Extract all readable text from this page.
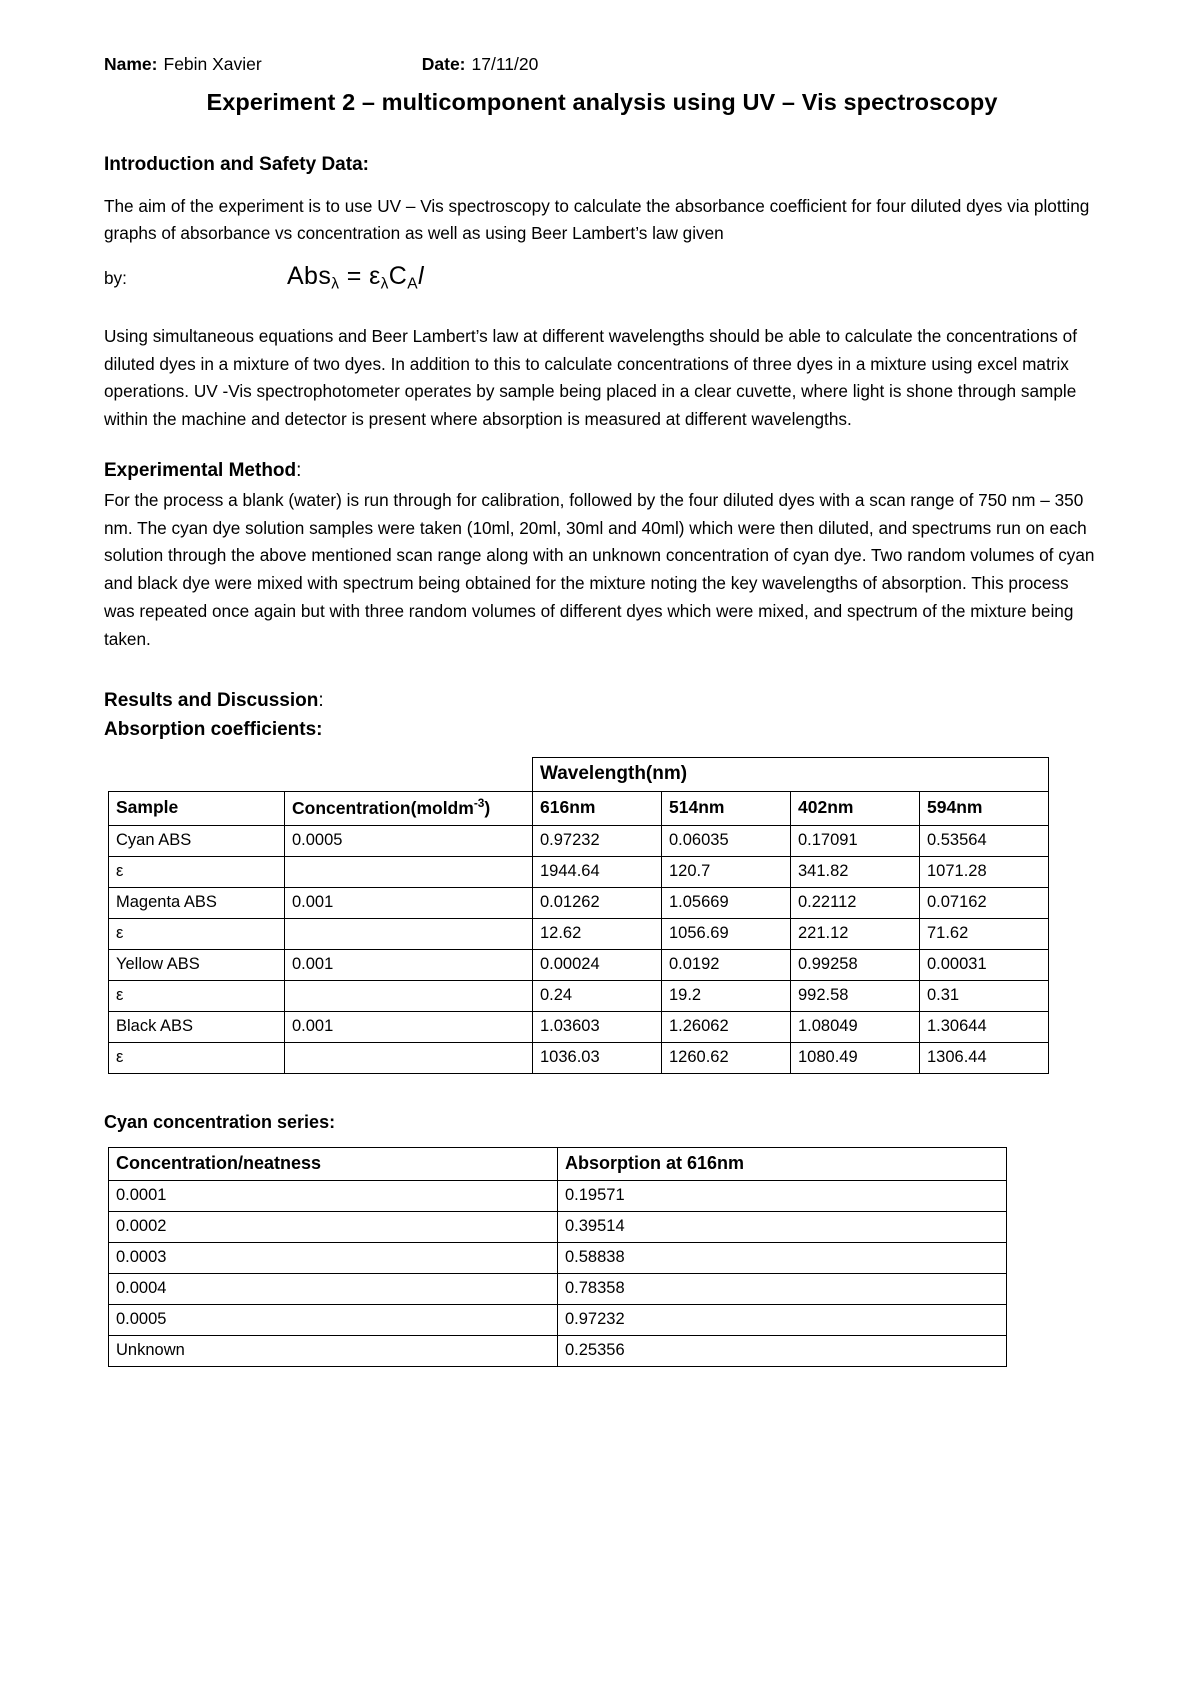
Name: Febin Xavier	Date: 17/11/20
Experiment 2 – multicomponent analysis using UV – Vis spectroscopy
Introduction and Safety Data:

The aim of the experiment is to use UV – Vis spectroscopy to calculate the absorbance coefficient for four diluted dyes via plotting graphs of absorbance vs concentration as well as using Beer Lambert’s law given

by:	$Abs_\lambda = \varepsilon_\lambda C_Al$

Using simultaneous equations and Beer Lambert’s law at different wavelengths should be able to calculate the concentrations of diluted dyes in a mixture of two dyes. In addition to this to calculate concentrations of three dyes in a mixture using excel matrix operations. UV -Vis spectrophotometer operates by sample being placed in a clear cuvette, where light is shone through sample within the machine and detector is present where absorption is measured at different wavelengths.

Experimental Method:

For the process a blank (water) is run through for calibration, followed by the four diluted dyes with a scan range of 750 nm – 350 nm. The cyan dye solution samples were taken (10ml, 20ml, 30ml and 40ml) which were then diluted, and spectrums run on each solution through the above mentioned scan range along with an unknown concentration of cyan dye. Two random volumes of cyan and black dye were mixed with spectrum being obtained for the mixture noting the key wavelengths of absorption. This process was repeated once again but with three random volumes of different dyes which were mixed, and spectrum of the mixture being taken.

Results and Discussion:
Absorption coefficients:
		Wavelength(nm)			
Sample	Concentration(moldm$^{-3}$)	616nm	514nm	402nm	594nm
Cyan ABS	0.0005	0.97232	0.06035	0.17091	0.53564
ε		1944.64	120.7	341.82	1071.28
Magenta ABS	0.001	0.01262	1.05669	0.22112	0.07162
ε		12.62	1056.69	221.12	71.62
Yellow ABS	0.001	0.00024	0.0192	0.99258	0.00031
ε		0.24	19.2	992.58	0.31
Black ABS	0.001	1.03603	1.26062	1.08049	1.30644
ε		1036.03	1260.62	1080.49	1306.44
Cyan concentration series:
Concentration/neatness	Absorption at 616nm
0.0001	0.19571
0.0002	0.39514
0.0003	0.58838
0.0004	0.78358
0.0005	0.97232
Unknown	0.25356
